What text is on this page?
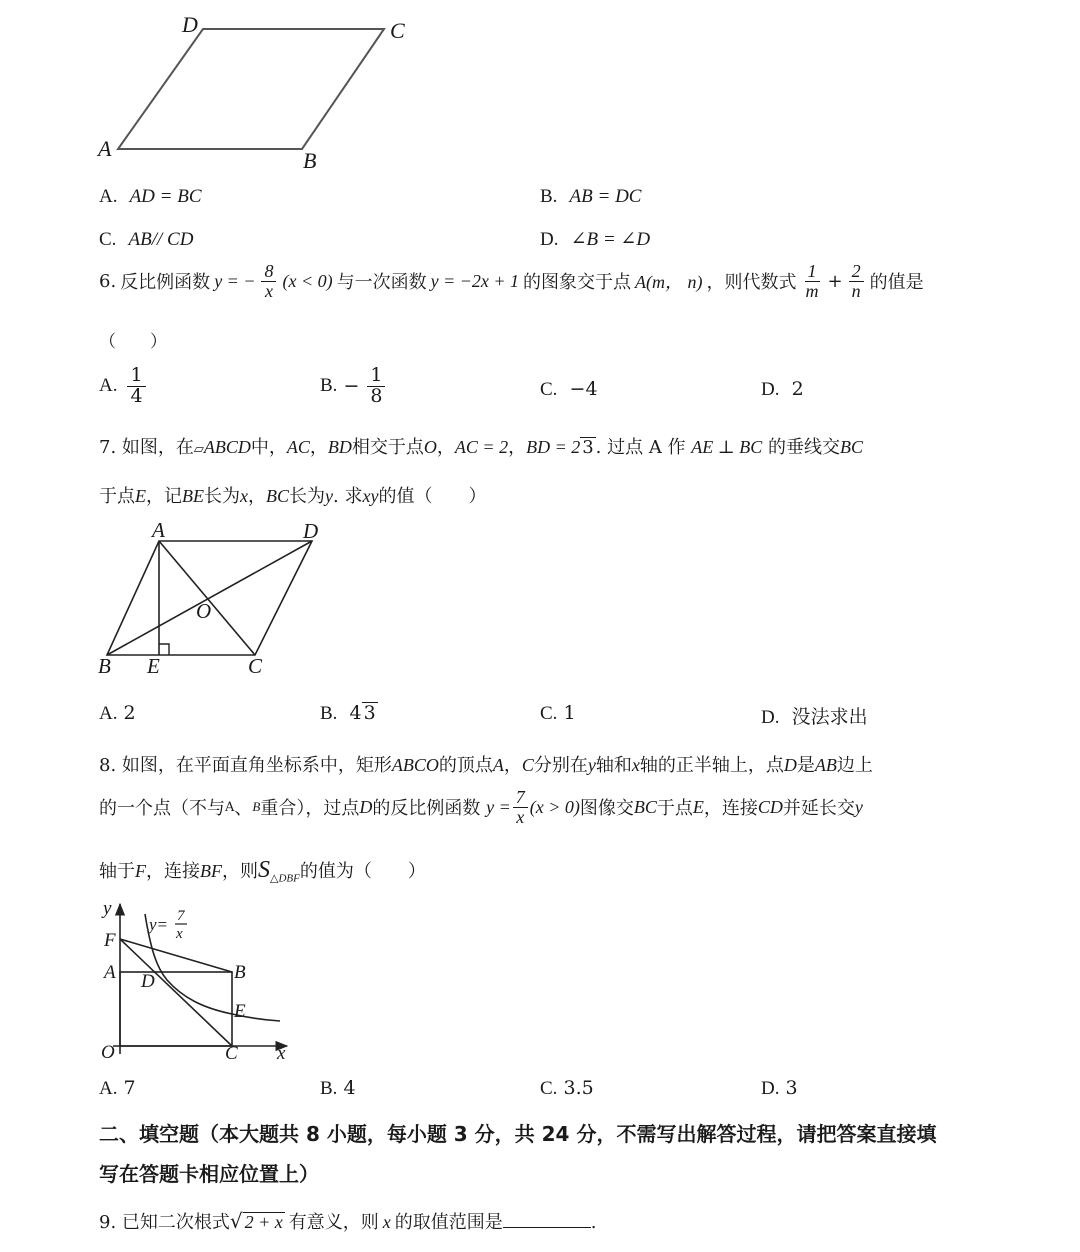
D	C
A	B
A. AD = BC	B. AB = DC
C. AB// CD	D. ∠B = ∠D
6. 反比例函数 y = − $\frac{8}{x} (x < 0)$ 与一次函数 y = −2x + 1 的图象交于点 A(m， n) ，则代数式 $\frac{1}{m} + \frac{2}{n}$ 的值是
（　　）
A. $\frac{1}{4}$	B. − $\frac{1}{8}$	C. −4	D. 2
7. 如图，在▱ABCD中，AC，BD相交于点O，AC = 2，BD = 2 3 . 过点 A 作 AE ⊥ BC 的垂线交BC
于点E，记BE长为x，BC长为y. 求xy的值（　　）
A	D
O
B E	C
A. 2	B. 4 3	C. 1	D. 没法求出
8. 如图，在平面直角坐标系中，矩形ABCO的顶点A，C分别在y轴和x轴的正半轴上，点D是AB边上
的一个点（不与 A 、 B 重合），过点 D 的反比例函数
$y = \frac{7}{x} (x > 0)$ 图像交 BC 于点 E ，连接 CD 并延长交 y
轴于F，连接BF，则$S_{\triangle DBF}$的值为（　　）
y
F
A D	B
E
O	C x
y= 7
x
A. 7	B. 4	C. 3.5	D. 3
二、填空题（本大题共 8 小题，每小题 3 分，共 24 分，不需写出解答过程，请把答案直接填
写在答题卡相应位置上）
9. 已知二次根式 √ 2 + x 有意义，则 x 的取值范围是	.
